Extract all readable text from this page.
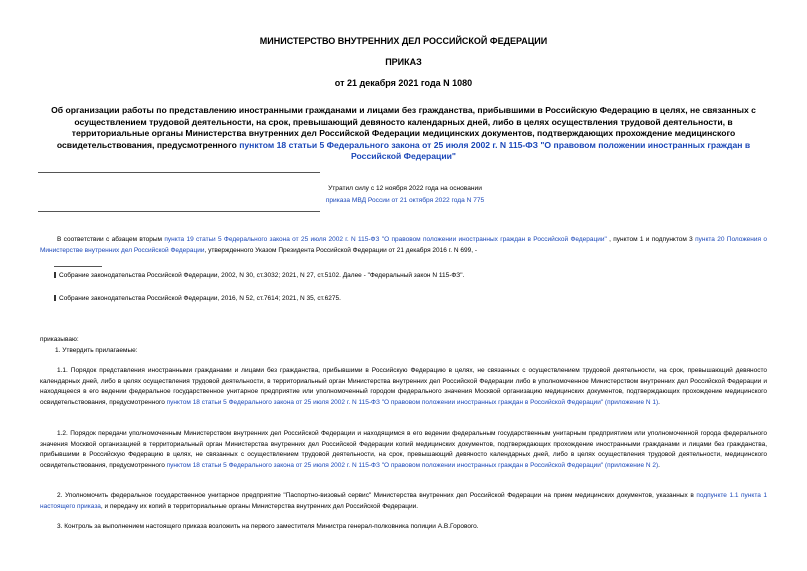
МИНИСТЕРСТВО ВНУТРЕННИХ ДЕЛ РОССИЙСКОЙ ФЕДЕРАЦИИ
ПРИКАЗ
от 21 декабря 2021 года N 1080
Об организации работы по представлению иностранными гражданами и лицами без гражданства, прибывшими в Российскую Федерацию в целях, не связанных с осуществлением трудовой деятельности, на срок, превышающий девяносто календарных дней, либо в целях осуществления трудовой деятельности, в территориальные органы Министерства внутренних дел Российской Федерации медицинских документов, подтверждающих прохождение медицинского освидетельствования, предусмотренного пунктом 18 статьи 5 Федерального закона от 25 июля 2002 г. N 115-ФЗ "О правовом положении иностранных граждан в Российской Федерации"
Утратил силу с 12 ноября 2022 года на основании
приказа МВД России от 21 октября 2022 года N 775
В соответствии с абзацем вторым пункта 19 статьи 5 Федерального закона от 25 июля 2002 г. N 115-ФЗ "О правовом положении иностранных граждан в Российской Федерации" , пунктом 1 и подпунктом 3 пункта 20 Положения о Министерстве внутренних дел Российской Федерации, утвержденного Указом Президента Российской Федерации от 21 декабря 2016 г. N 699, -
Собрание законодательства Российской Федерации, 2002, N 30, ст.3032; 2021, N 27, ст.5102. Далее - "Федеральный закон N 115-ФЗ".
Собрание законодательства Российской Федерации, 2016, N 52, ст.7614; 2021, N 35, ст.6275.
приказываю:
1. Утвердить прилагаемые:
1.1. Порядок представления иностранными гражданами и лицами без гражданства, прибывшими в Российскую Федерацию в целях, не связанных с осуществлением трудовой деятельности, на срок, превышающий девяносто календарных дней, либо в целях осуществления трудовой деятельности, в территориальный орган Министерства внутренних дел Российской Федерации либо в уполномоченное Министерством внутренних дел Российской Федерации и находящееся в его ведении федеральное государственное унитарное предприятие или уполномоченный городом федерального значения Москвой организацию медицинских документов, подтверждающих прохождение медицинского освидетельствования, предусмотренного пунктом 18 статьи 5 Федерального закона от 25 июля 2002 г. N 115-ФЗ "О правовом положении иностранных граждан в Российской Федерации" (приложение N 1).
1.2. Порядок передачи уполномоченным Министерством внутренних дел Российской Федерации и находящимся в его ведении федеральным государственным унитарным предприятием или уполномоченной города федерального значения Москвой организацией в территориальный орган Министерства внутренних дел Российской Федерации копий медицинских документов, подтверждающих прохождение иностранными гражданами и лицами без гражданства, прибывшими в Российскую Федерацию в целях, не связанных с осуществлением трудовой деятельности, на срок, превышающий девяносто календарных дней, либо в целях осуществления трудовой деятельности, медицинского освидетельствования, предусмотренного пунктом 18 статьи 5 Федерального закона от 25 июля 2002 г. N 115-ФЗ "О правовом положении иностранных граждан в Российской Федерации" (приложение N 2).
2. Уполномочить федеральное государственное унитарное предприятие "Паспортно-визовый сервис" Министерства внутренних дел Российской Федерации на прием медицинских документов, указанных в подпункте 1.1 пункта 1 настоящего приказа, и передачу их копий в территориальные органы Министерства внутренних дел Российской Федерации.
3. Контроль за выполнением настоящего приказа возложить на первого заместителя Министра генерал-полковника полиции А.В.Горового.
